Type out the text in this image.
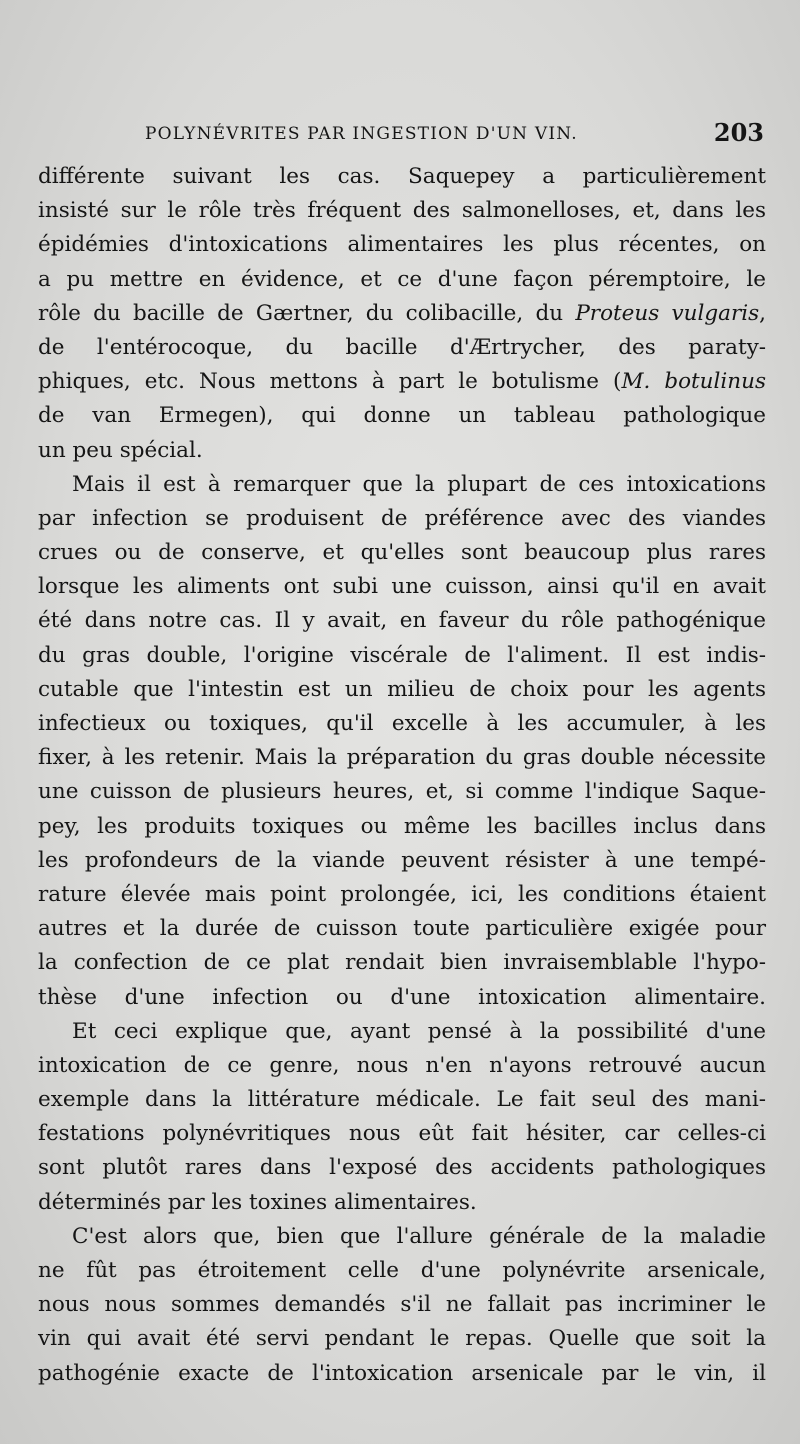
POLYNÉVRITES PAR INGESTION D'UN VIN.	203
différente suivant les cas. Saquepey a particulièrement
insisté sur le rôle très fréquent des salmonelloses, et, dans les
épidémies d'intoxications alimentaires les plus récentes, on
a pu mettre en évidence, et ce d'une façon péremptoire, le
rôle du bacille de Gærtner, du colibacille, du Proteus vulgaris,
de l'entérocoque, du bacille d'Ærtrycher, des paraty-
phiques, etc. Nous mettons à part le botulisme (M. botulinus
de van Ermegen), qui donne un tableau pathologique
un peu spécial.
Mais il est à remarquer que la plupart de ces intoxications
par infection se produisent de préférence avec des viandes
crues ou de conserve, et qu'elles sont beaucoup plus rares
lorsque les aliments ont subi une cuisson, ainsi qu'il en avait
été dans notre cas. Il y avait, en faveur du rôle pathogénique
du gras double, l'origine viscérale de l'aliment. Il est indis-
cutable que l'intestin est un milieu de choix pour les agents
infectieux ou toxiques, qu'il excelle à les accumuler, à les
fixer, à les retenir. Mais la préparation du gras double nécessite
une cuisson de plusieurs heures, et, si comme l'indique Saque-
pey, les produits toxiques ou même les bacilles inclus dans
les profondeurs de la viande peuvent résister à une tempé-
rature élevée mais point prolongée, ici, les conditions étaient
autres et la durée de cuisson toute particulière exigée pour
la confection de ce plat rendait bien invraisemblable l'hypo-
thèse d'une infection ou d'une intoxication alimentaire.
Et ceci explique que, ayant pensé à la possibilité d'une
intoxication de ce genre, nous n'en n'ayons retrouvé aucun
exemple dans la littérature médicale. Le fait seul des mani-
festations polynévritiques nous eût fait hésiter, car celles-ci
sont plutôt rares dans l'exposé des accidents pathologiques
déterminés par les toxines alimentaires.
C'est alors que, bien que l'allure générale de la maladie
ne fût pas étroitement celle d'une polynévrite arsenicale,
nous nous sommes demandés s'il ne fallait pas incriminer le
vin qui avait été servi pendant le repas. Quelle que soit la
pathogénie exacte de l'intoxication arsenicale par le vin, il
